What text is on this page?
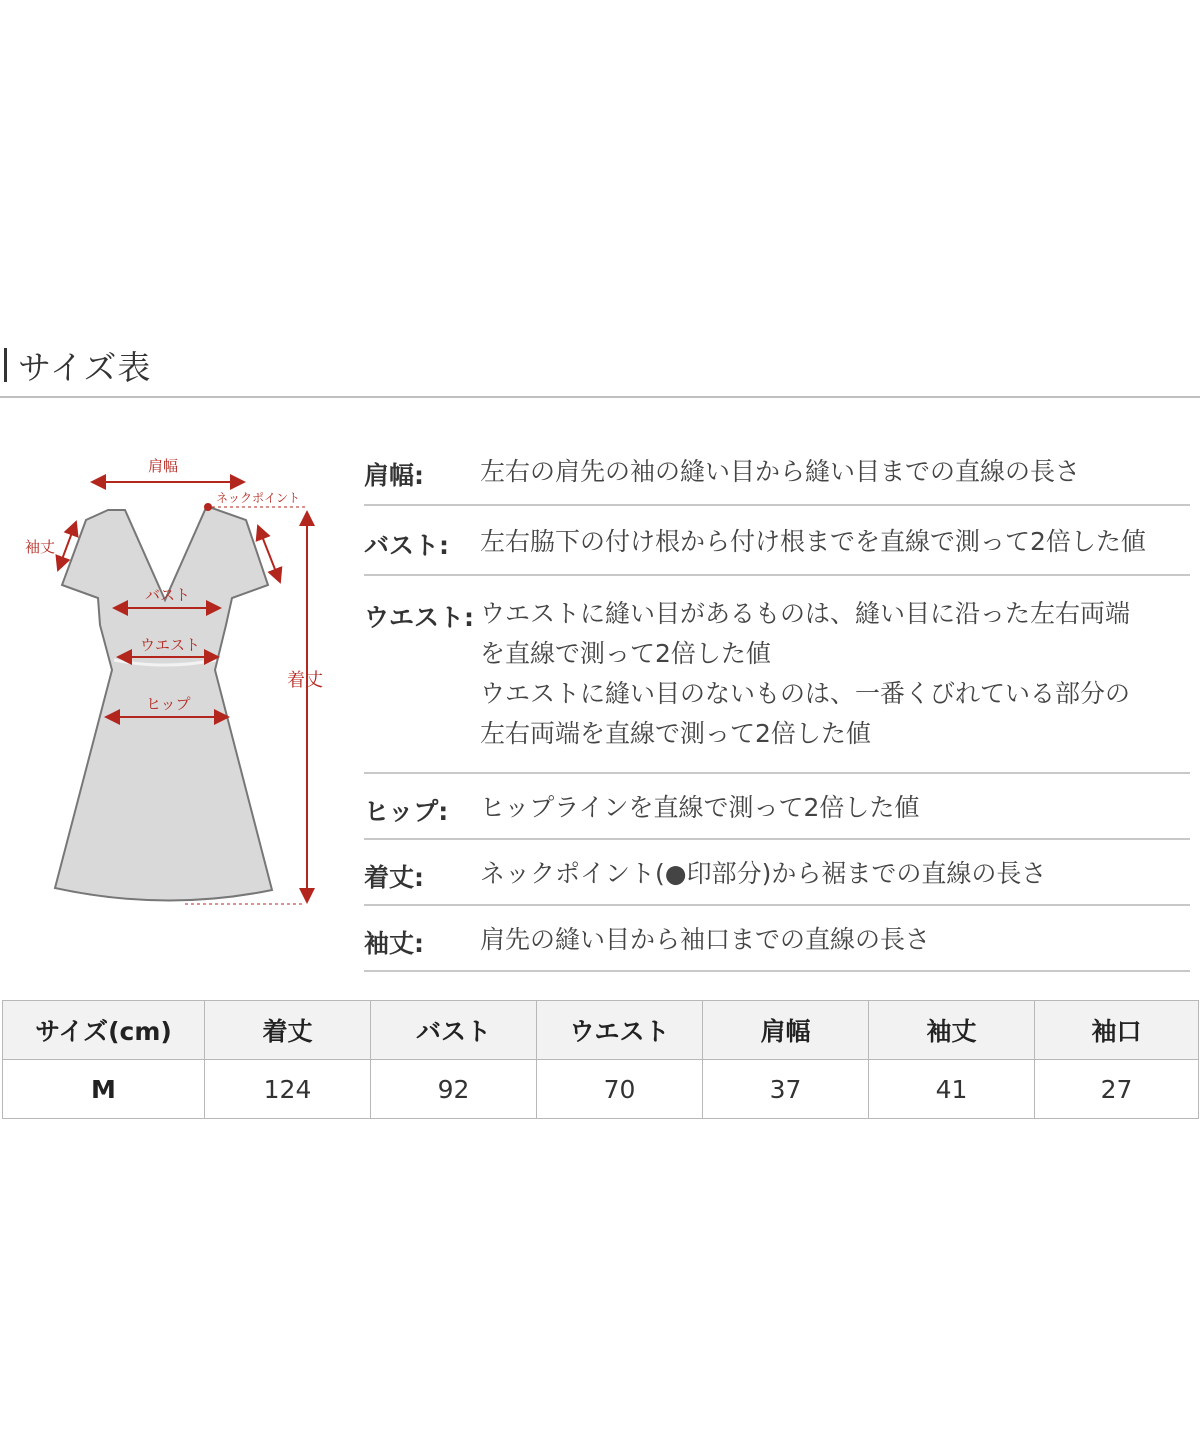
サイズ表
肩幅
ネックポイント
袖丈
バスト
ウエスト
ヒップ
着丈
肩幅: 左右の肩先の袖の縫い目から縫い目までの直線の長さ
バスト: 左右脇下の付け根から付け根までを直線で測って2倍した値
ウエスト: ウエストに縫い目があるものは、縫い目に沿った左右両端
を直線で測って2倍した値
ウエストに縫い目のないものは、一番くびれている部分の
左右両端を直線で測って2倍した値
ヒップ: ヒップラインを直線で測って2倍した値
着丈: ネックポイント(●印部分)から裾までの直線の長さ
袖丈: 肩先の縫い目から袖口までの直線の長さ
サイズ(cm)	着丈	バスト	ウエスト	肩幅	袖丈	袖口
M	124	92	70	37	41	27
